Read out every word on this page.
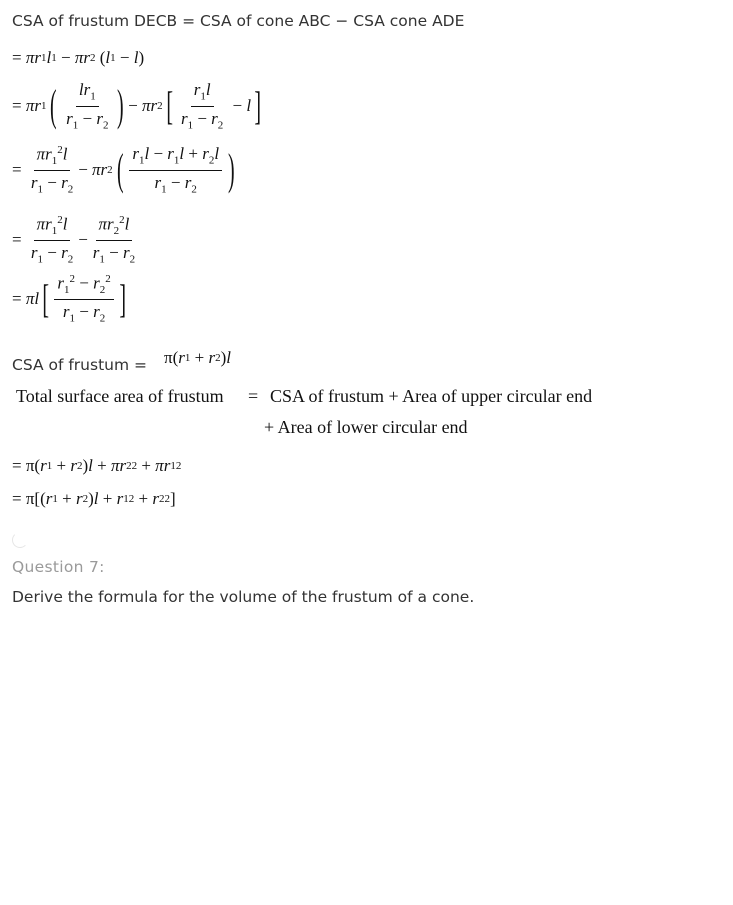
CSA of frustum DECB = CSA of cone ABC − CSA cone ADE
= πr 1 l 1 − πr 2 ( l 1 − l )
= πr 1 ( $\frac{lr_1}{r_1 - r_2}$ ) − πr 2 [ $\frac{r_1l}{r_1 - r_2} - l$ ]
= $\frac{\pi r_1^2l}{r_1 - r_2} - \pi r$ 2 ( $\frac{r_1l - r_1l + r_2l}{r_1 - r_2}$ )
= $\frac{\pi r_1^2l}{r_1 - r_2} - \frac{\pi r_2^2l}{r_1 - r_2}$
= πl [ $\frac{r_1^2 - r_2^2}{r_1 - r_2}$ ]
CSA of frustum = π( r 1 + r 2 ) l
Total surface area of frustum = CSA of frustum + Area of upper circular end
+ Area of lower circular end
= π( r 1 + r 2 ) l + πr 2 2 + πr 1 2
= π[( r 1 + r 2 ) l + r 1 2 + r 2 2 ]
Question 7:
Derive the formula for the volume of the frustum of a cone.
